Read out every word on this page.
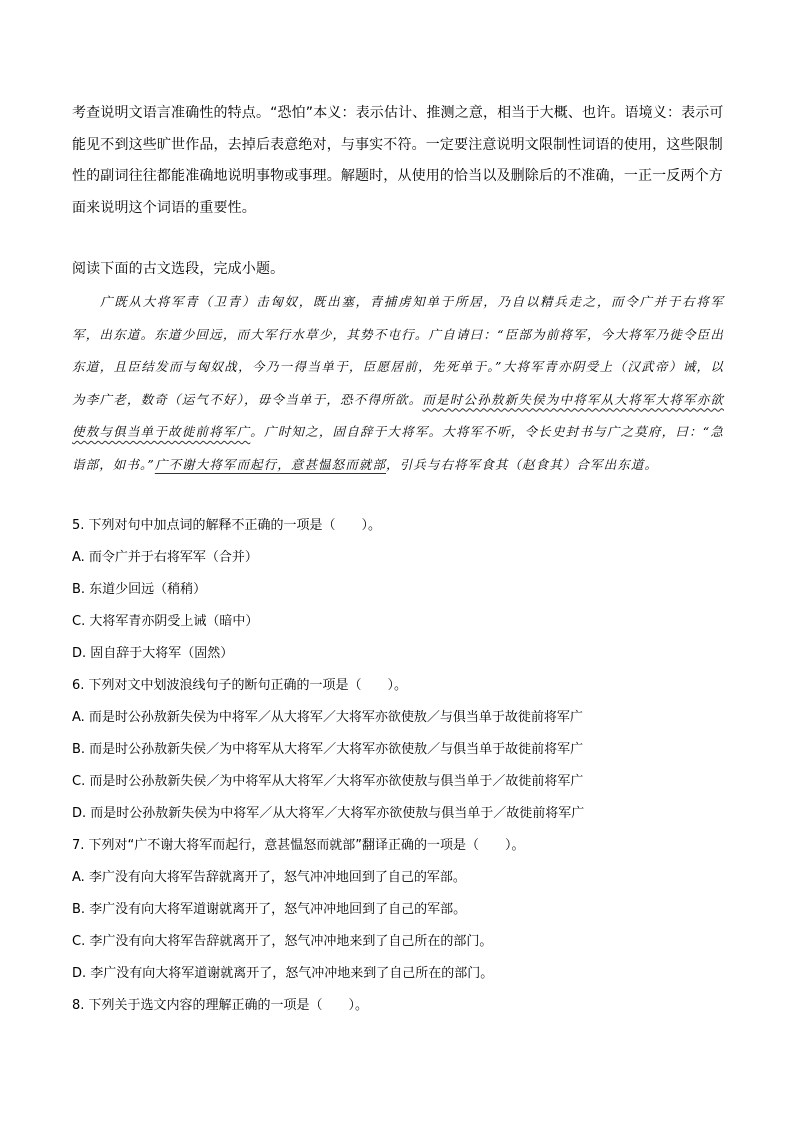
考查说明文语言准确性的特点。“恐怕”本义：表示估计、推测之意，相当于大概、也许。语境义：表示可能见不到这些旷世作品，去掉后表意绝对，与事实不符。一定要注意说明文限制性词语的使用，这些限制性的副词往往都能准确地说明事物或事理。解题时，从使用的恰当以及删除后的不准确，一正一反两个方面来说明这个词语的重要性。

阅读下面的古文选段，完成小题。

广既从大将军青（卫青）击匈奴，既出塞，青捕虏知单于所居，乃自以精兵走之，而令广并于右将军军，出东道。东道少回远，而大军行水草少，其势不屯行。广自请曰：“臣部为前将军，今大将军乃徙令臣出东道，且臣结发而与匈奴战，今乃一得当单于，臣愿居前，先死单于。”大将军青亦阴受上（汉武帝）诫，以为李广老，数奇（运气不好），毋令当单于，恐不得所欲。而是时公孙敖新失侯为中将军从大将军大将军亦欲使敖与俱当单于故徙前将军广。广时知之，固自辞于大将军。大将军不听，令长史封书与广之莫府，曰：“急诣部，如书。”广不谢大将军而起行，意甚愠怒而就部，引兵与右将军食其（赵食其）合军出东道。

5. 下列对句中加点词的解释不正确的一项是（　　）。

A. 而令广并于右将军军（合并）

B. 东道少回远（稍稍）

C. 大将军青亦阴受上诫（暗中）

D. 固自辞于大将军（固然）

6. 下列对文中划波浪线句子的断句正确的一项是（　　）。

A. 而是时公孙敖新失侯为中将军／从大将军／大将军亦欲使敖／与俱当单于故徙前将军广

B. 而是时公孙敖新失侯／为中将军从大将军／大将军亦欲使敖／与俱当单于故徙前将军广

C. 而是时公孙敖新失侯／为中将军从大将军／大将军亦欲使敖与俱当单于／故徙前将军广

D. 而是时公孙敖新失侯为中将军／从大将军／大将军亦欲使敖与俱当单于／故徙前将军广

7. 下列对“广不谢大将军而起行，意甚愠怒而就部”翻译正确的一项是（　　）。

A. 李广没有向大将军告辞就离开了，怒气冲冲地回到了自己的军部。

B. 李广没有向大将军道谢就离开了，怒气冲冲地回到了自己的军部。

C. 李广没有向大将军告辞就离开了，怒气冲冲地来到了自己所在的部门。

D. 李广没有向大将军道谢就离开了，怒气冲冲地来到了自己所在的部门。

8. 下列关于选文内容的理解正确的一项是（　　）。
